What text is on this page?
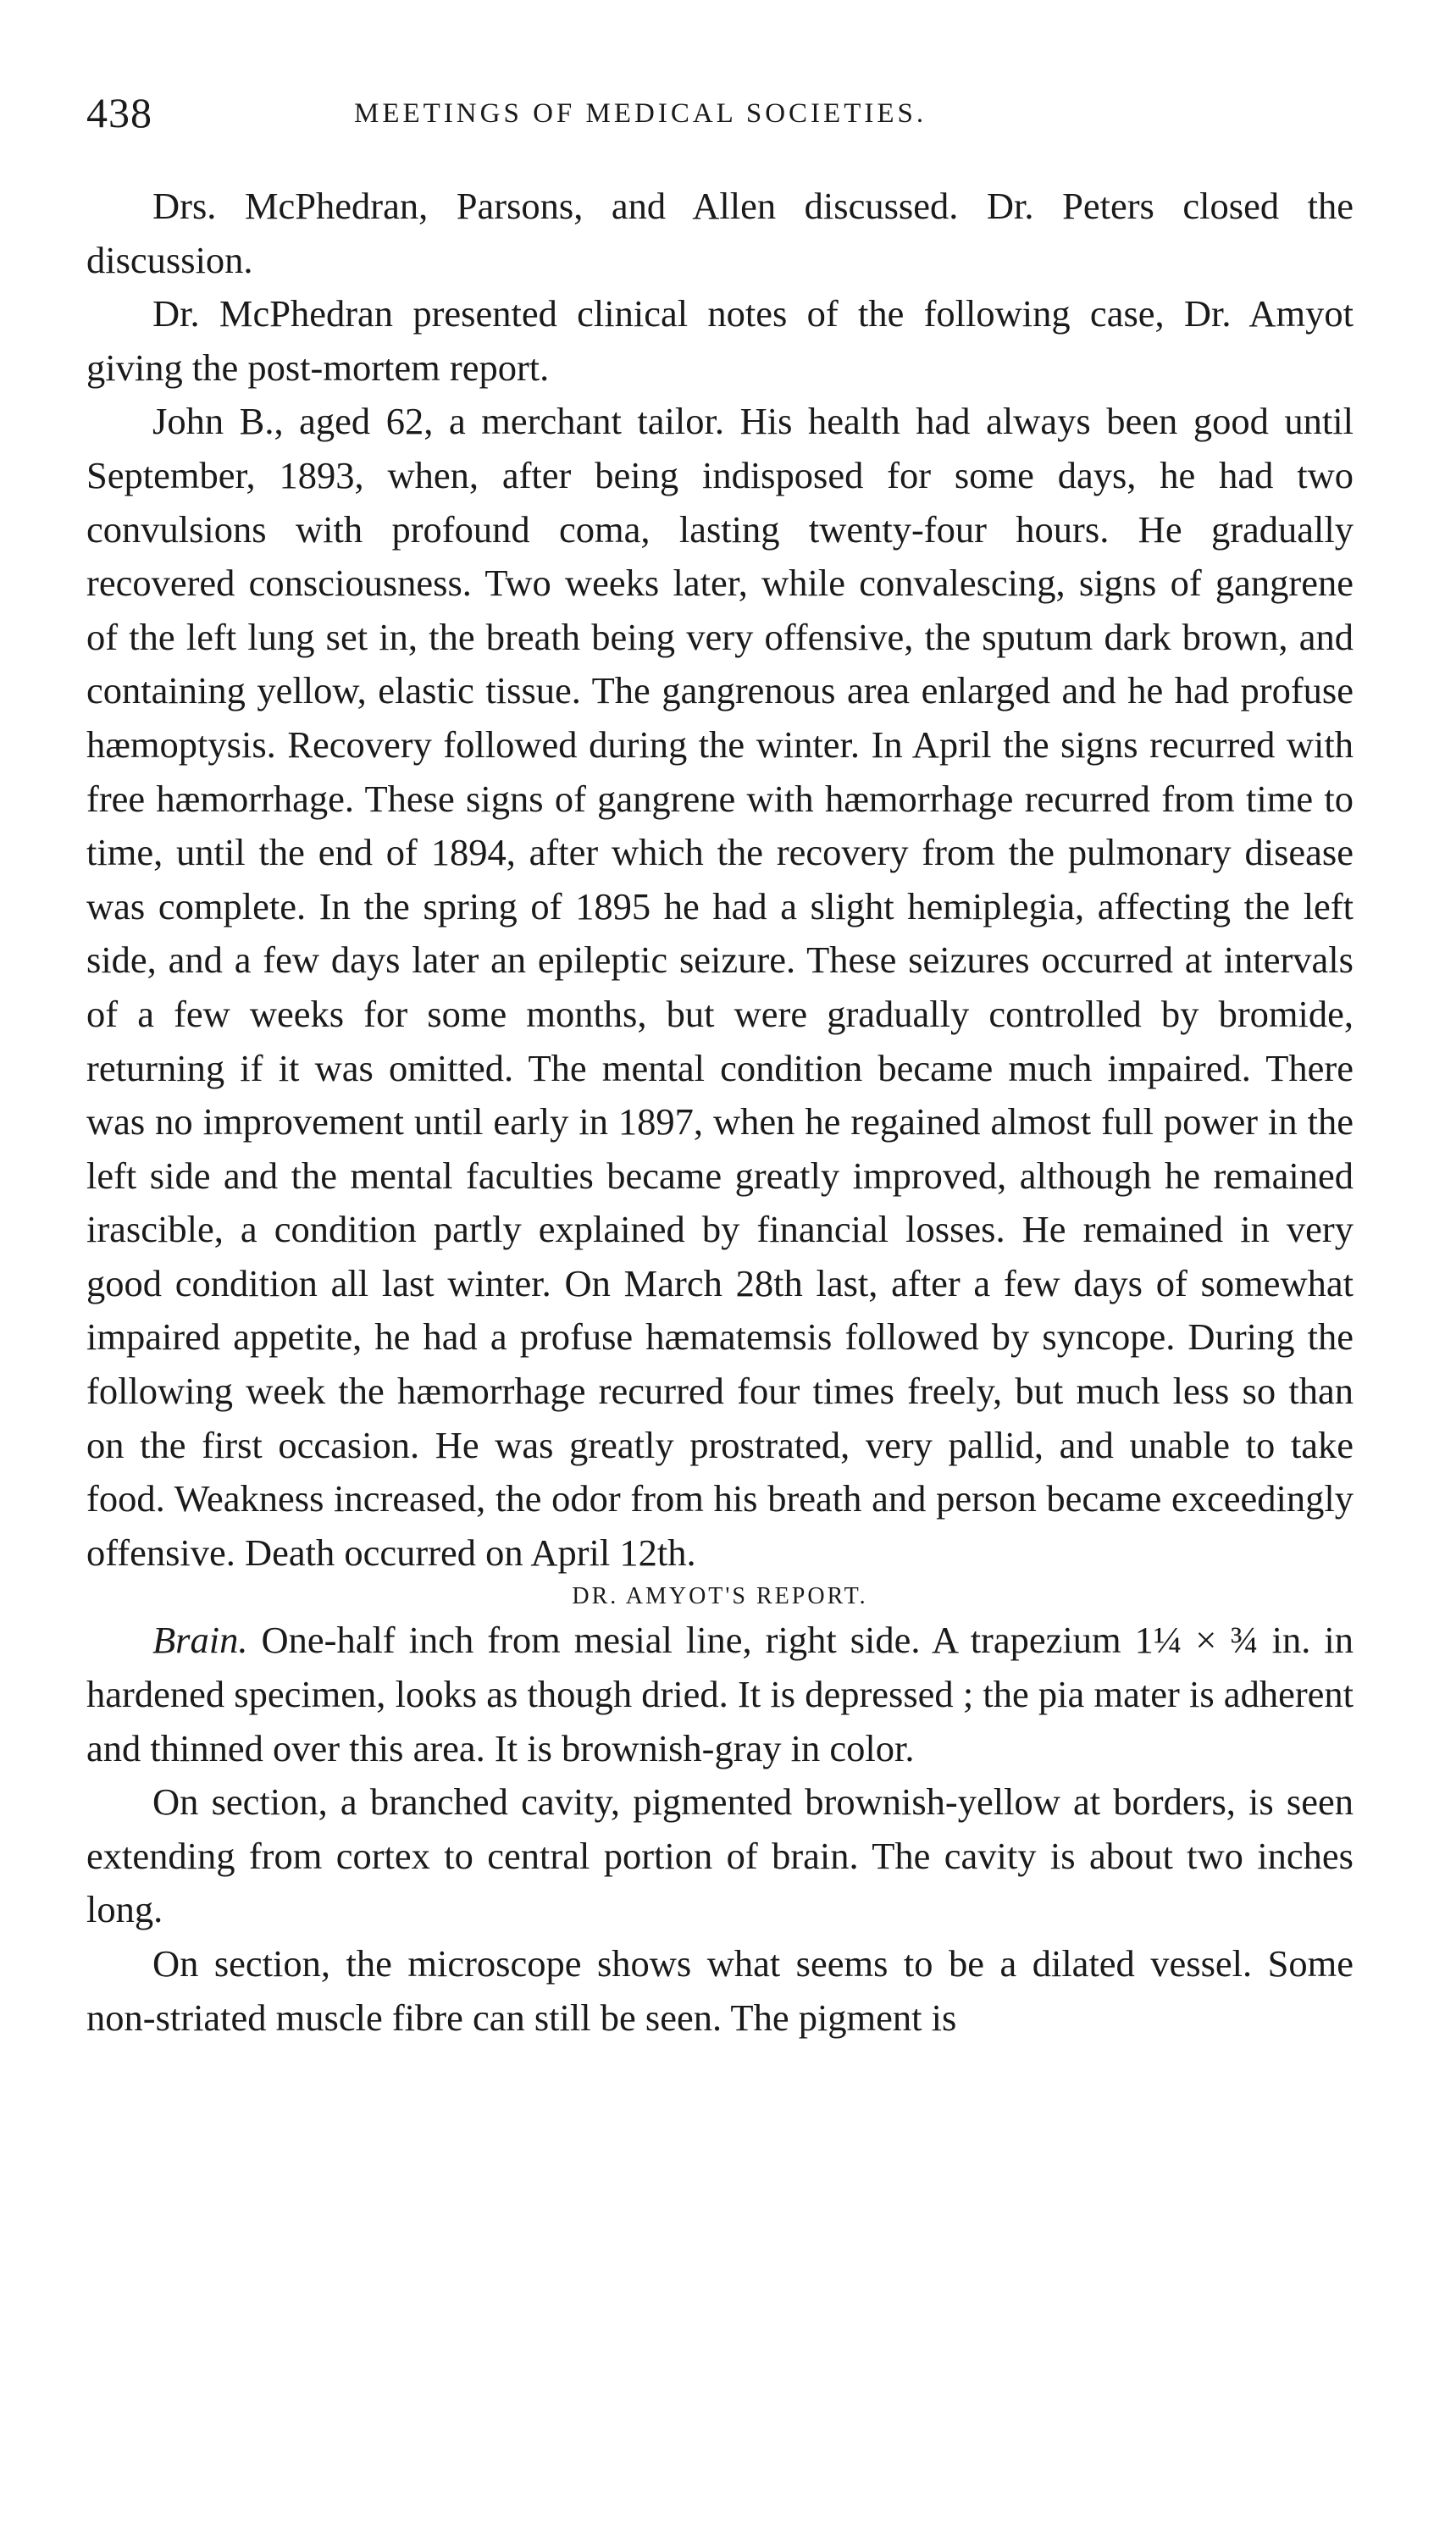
438	MEETINGS OF MEDICAL SOCIETIES.

Drs. McPhedran, Parsons, and Allen discussed. Dr. Peters closed the discussion.

Dr. McPhedran presented clinical notes of the following case, Dr. Amyot giving the post-mortem report.

John B., aged 62, a merchant tailor. His health had always been good until September, 1893, when, after being indisposed for some days, he had two convulsions with profound coma, lasting twenty-four hours. He gradually recovered consciousness. Two weeks later, while convalescing, signs of gangrene of the left lung set in, the breath being very offensive, the sputum dark brown, and containing yellow, elastic tissue. The gangrenous area enlarged and he had profuse hæmoptysis. Recovery followed during the winter. In April the signs recurred with free hæmorrhage. These signs of gangrene with hæmorrhage recurred from time to time, until the end of 1894, after which the recovery from the pulmonary disease was complete. In the spring of 1895 he had a slight hemiplegia, affecting the left side, and a few days later an epileptic seizure. These seizures occurred at intervals of a few weeks for some months, but were gradually controlled by bromide, returning if it was omitted. The mental condition became much impaired. There was no improvement until early in 1897, when he regained almost full power in the left side and the mental faculties became greatly improved, although he remained irascible, a condition partly explained by financial losses. He remained in very good condition all last winter. On March 28th last, after a few days of somewhat impaired appetite, he had a profuse hæmatemsis followed by syncope. During the following week the hæmorrhage recurred four times freely, but much less so than on the first occasion. He was greatly prostrated, very pallid, and unable to take food. Weakness increased, the odor from his breath and person became exceedingly offensive. Death occurred on April 12th.

DR. AMYOT'S REPORT.

Brain. One-half inch from mesial line, right side. A trapezium 1¼ × ¾ in. in hardened specimen, looks as though dried. It is depressed ; the pia mater is adherent and thinned over this area. It is brownish-gray in color.

On section, a branched cavity, pigmented brownish-yellow at borders, is seen extending from cortex to central portion of brain. The cavity is about two inches long.

On section, the microscope shows what seems to be a dilated vessel. Some non-striated muscle fibre can still be seen. The pigment is
